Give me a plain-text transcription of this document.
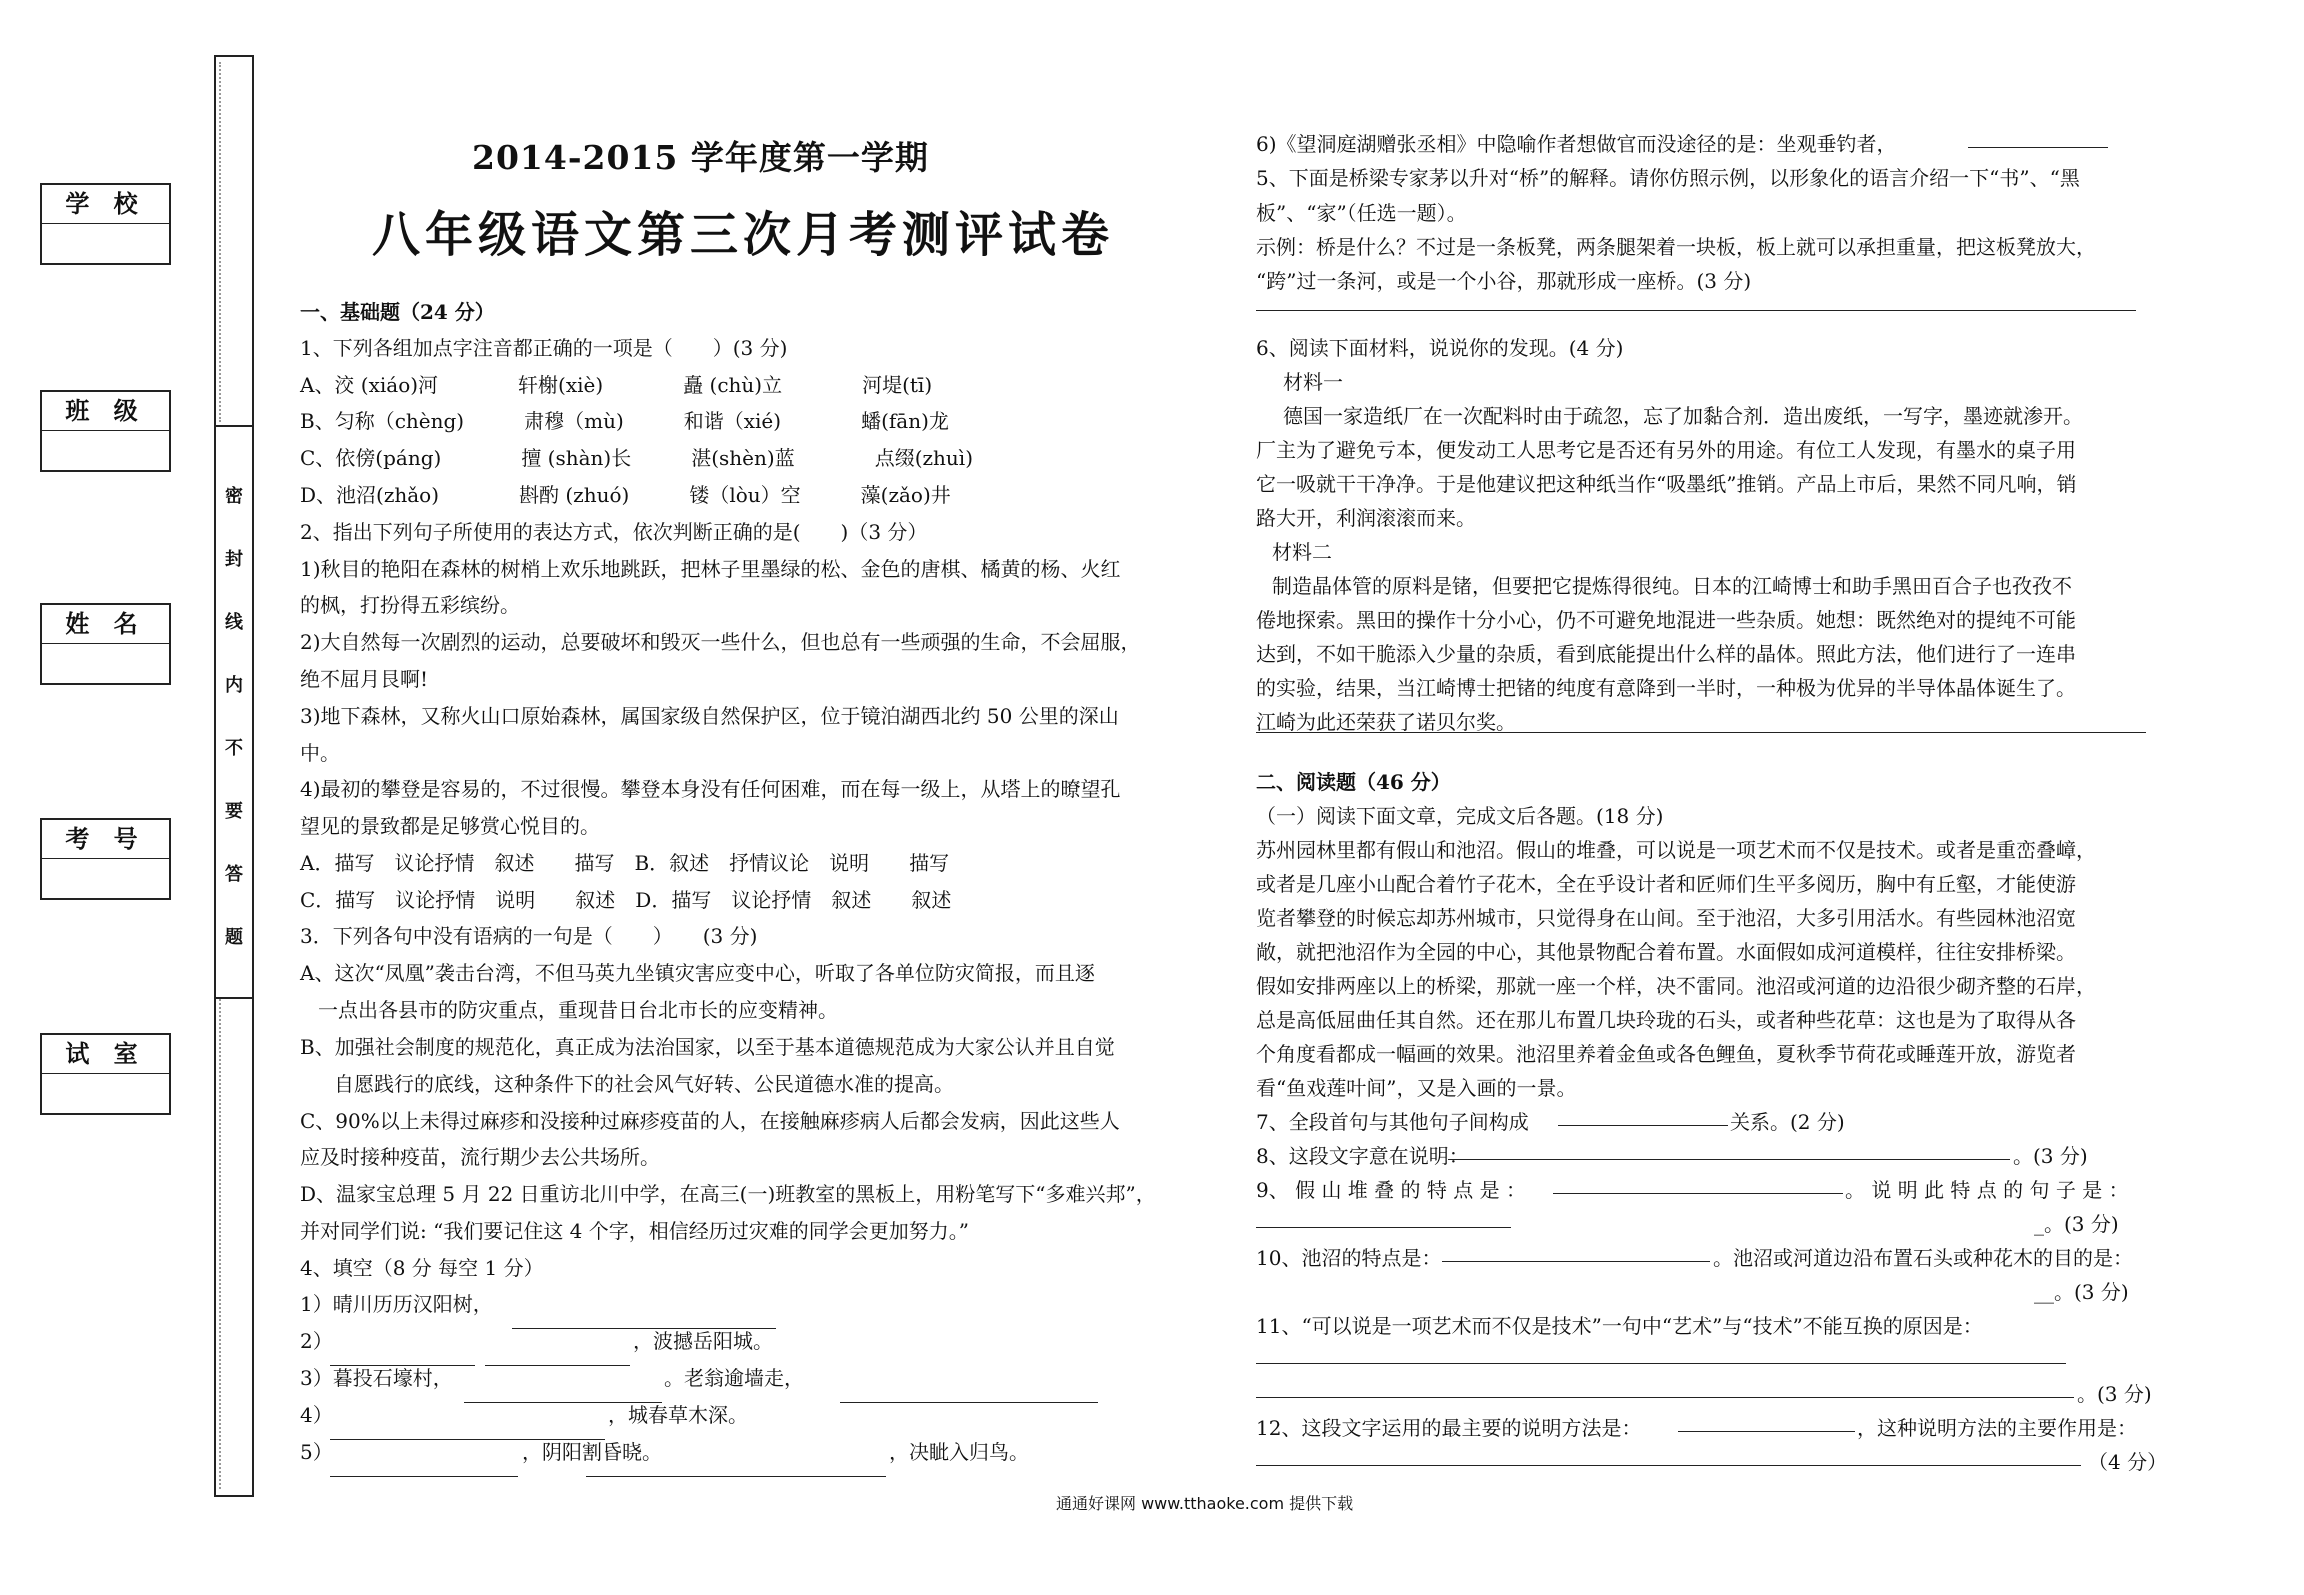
学 校
班 级
姓 名
考 号
试 室
密
封
线
内
不
要
答
题
2014-2015 学年度第一学期
八年级语文第三次月考测评试卷
一、基础题（24 分）
1、下列各组加点字注音都正确的一项是（　　）(3 分)
A、洨 (xiáo)河　　　　轩榭(xiè)　　　　矗 (chù)立　　　　河堤(tī)
B、匀称（chèng)　　　肃穆（mù)　　　和谐（xié)　　　　蟠(fān)龙
C、依傍(páng)　　　　擅 (shàn)长　　　湛(shèn)蓝　　　　点缀(zhuì)
D、池沼(zhǎo)　　　　斟酌 (zhuó)　　　镂（lòu）空　　　藻(zǎo)井
2、指出下列句子所使用的表达方式，依次判断正确的是(　　)（3 分）
1)秋目的艳阳在森林的树梢上欢乐地跳跃，把林子里墨绿的松、金色的唐棋、橘黄的杨、火红
的枫，打扮得五彩缤纷。
2)大自然每一次剧烈的运动，总要破坏和毁灭一些什么，但也总有一些顽强的生命，不会屈服，
绝不屈月艮啊!
3)地下森林，又称火山口原始森林，属国家级自然保护区，位于镜泊湖西北约 50 公里的深山
中。
4)最初的攀登是容易的，不过很慢。攀登本身没有任何困难，而在每一级上，从塔上的暸望孔
望见的景致都是足够赏心悦目的。
A．描写　议论抒情　叙述　　描写　B．叙述　抒情议论　说明　　描写
C．描写　议论抒情　说明　　叙述　D．描写　议论抒情　叙述　　叙述
3．下列各句中没有语病的一句是（　　）　　(3 分)
A、这次“凤凰”袭击台湾，不但马英九坐镇灾害应变中心，听取了各单位防灾简报，而且逐
一点出各县市的防灾重点，重现昔日台北市长的应变精神。
B、加强社会制度的规范化，真正成为法治国家，以至于基本道德规范成为大家公认并且自觉
自愿践行的底线，这种条件下的社会风气好转、公民道德水准的提高。
C、90%以上未得过麻疹和没接种过麻疹疫苗的人，在接触麻疹病人后都会发病，因此这些人
应及时接种疫苗，流行期少去公共场所。
D、温家宝总理 5 月 22 日重访北川中学，在高三(一)班教室的黑板上，用粉笔写下“多难兴邦”，
并对同学们说: “我们要记住这 4 个字，相信经历过灾难的同学会更加努力。”
4、填空（8 分 每空 1 分）
1）晴川历历汉阳树，
2）	，波撼岳阳城。
3）暮投石壕村，	。老翁逾墙走，
4）	，城春草木深。
5）	，阴阳割昏晓。	，决眦入归鸟。
6)《望洞庭湖赠张丞相》中隐喻作者想做官而没途径的是：坐观垂钓者，
5、下面是桥梁专家茅以升对“桥”的解释。请你仿照示例，以形象化的语言介绍一下“书”、“黑
板”、“家”（任选一题）。
示例：桥是什么？不过是一条板凳，两条腿架着一块板，板上就可以承担重量，把这板凳放大，
“跨”过一条河，或是一个小谷，那就形成一座桥。(3 分)
6、阅读下面材料，说说你的发现。(4 分)
材料一
德国一家造纸厂在一次配料时由于疏忽，忘了加黏合剂．造出废纸，一写字，墨迹就渗开。
厂主为了避免亏本，便发动工人思考它是否还有另外的用途。有位工人发现，有墨水的桌子用
它一吸就干干净净。于是他建议把这种纸当作“吸墨纸”推销。产品上市后，果然不同凡响，销
路大开，利润滚滚而来。
材料二
制造晶体管的原料是锗，但要把它提炼得很纯。日本的江崎博士和助手黑田百合子也孜孜不
倦地探索。黑田的操作十分小心，仍不可避免地混进一些杂质。她想：既然绝对的提纯不可能
达到，不如干脆添入少量的杂质，看到底能提出什么样的晶体。照此方法，他们进行了一连串
的实验，结果，当江崎博士把锗的纯度有意降到一半时，一种极为优异的半导体晶体诞生了。
江崎为此还荣获了诺贝尔奖。
二、阅读题（46 分）
（一）阅读下面文章，完成文后各题。(18 分)
苏州园林里都有假山和池沼。假山的堆叠，可以说是一项艺术而不仅是技术。或者是重峦叠嶂，
或者是几座小山配合着竹子花木，全在乎设计者和匠师们生平多阅历，胸中有丘壑，才能使游
览者攀登的时候忘却苏州城市，只觉得身在山间。至于池沼，大多引用活水。有些园林池沼宽
敞，就把池沼作为全园的中心，其他景物配合着布置。水面假如成河道模样，往往安排桥梁。
假如安排两座以上的桥梁，那就一座一个样，决不雷同。池沼或河道的边沿很少砌齐整的石岸，
总是高低屈曲任其自然。还在那儿布置几块玲珑的石头，或者种些花草：这也是为了取得从各
个角度看都成一幅画的效果。池沼里养着金鱼或各色鲤鱼，夏秋季节荷花或睡莲开放，游览者
看“鱼戏莲叶间”，又是入画的一景。
7、全段首句与其他句子间构成	关系。(2 分)
8、这段文字意在说明：	。(3 分)
9、 假 山 堆 叠 的 特 点 是 ：	。 说 明 此 特 点 的 句 子 是 ：
_。(3 分)
10、池沼的特点是：	。池沼或河道边沿布置石头或种花木的目的是：
__。(3 分)
11、“可以说是一项艺术而不仅是技术”一句中“艺术”与“技术”不能互换的原因是：
。(3 分)
12、这段文字运用的最主要的说明方法是：	，这种说明方法的主要作用是：
（4 分）
通通好课网 www.tthaoke.com 提供下载
